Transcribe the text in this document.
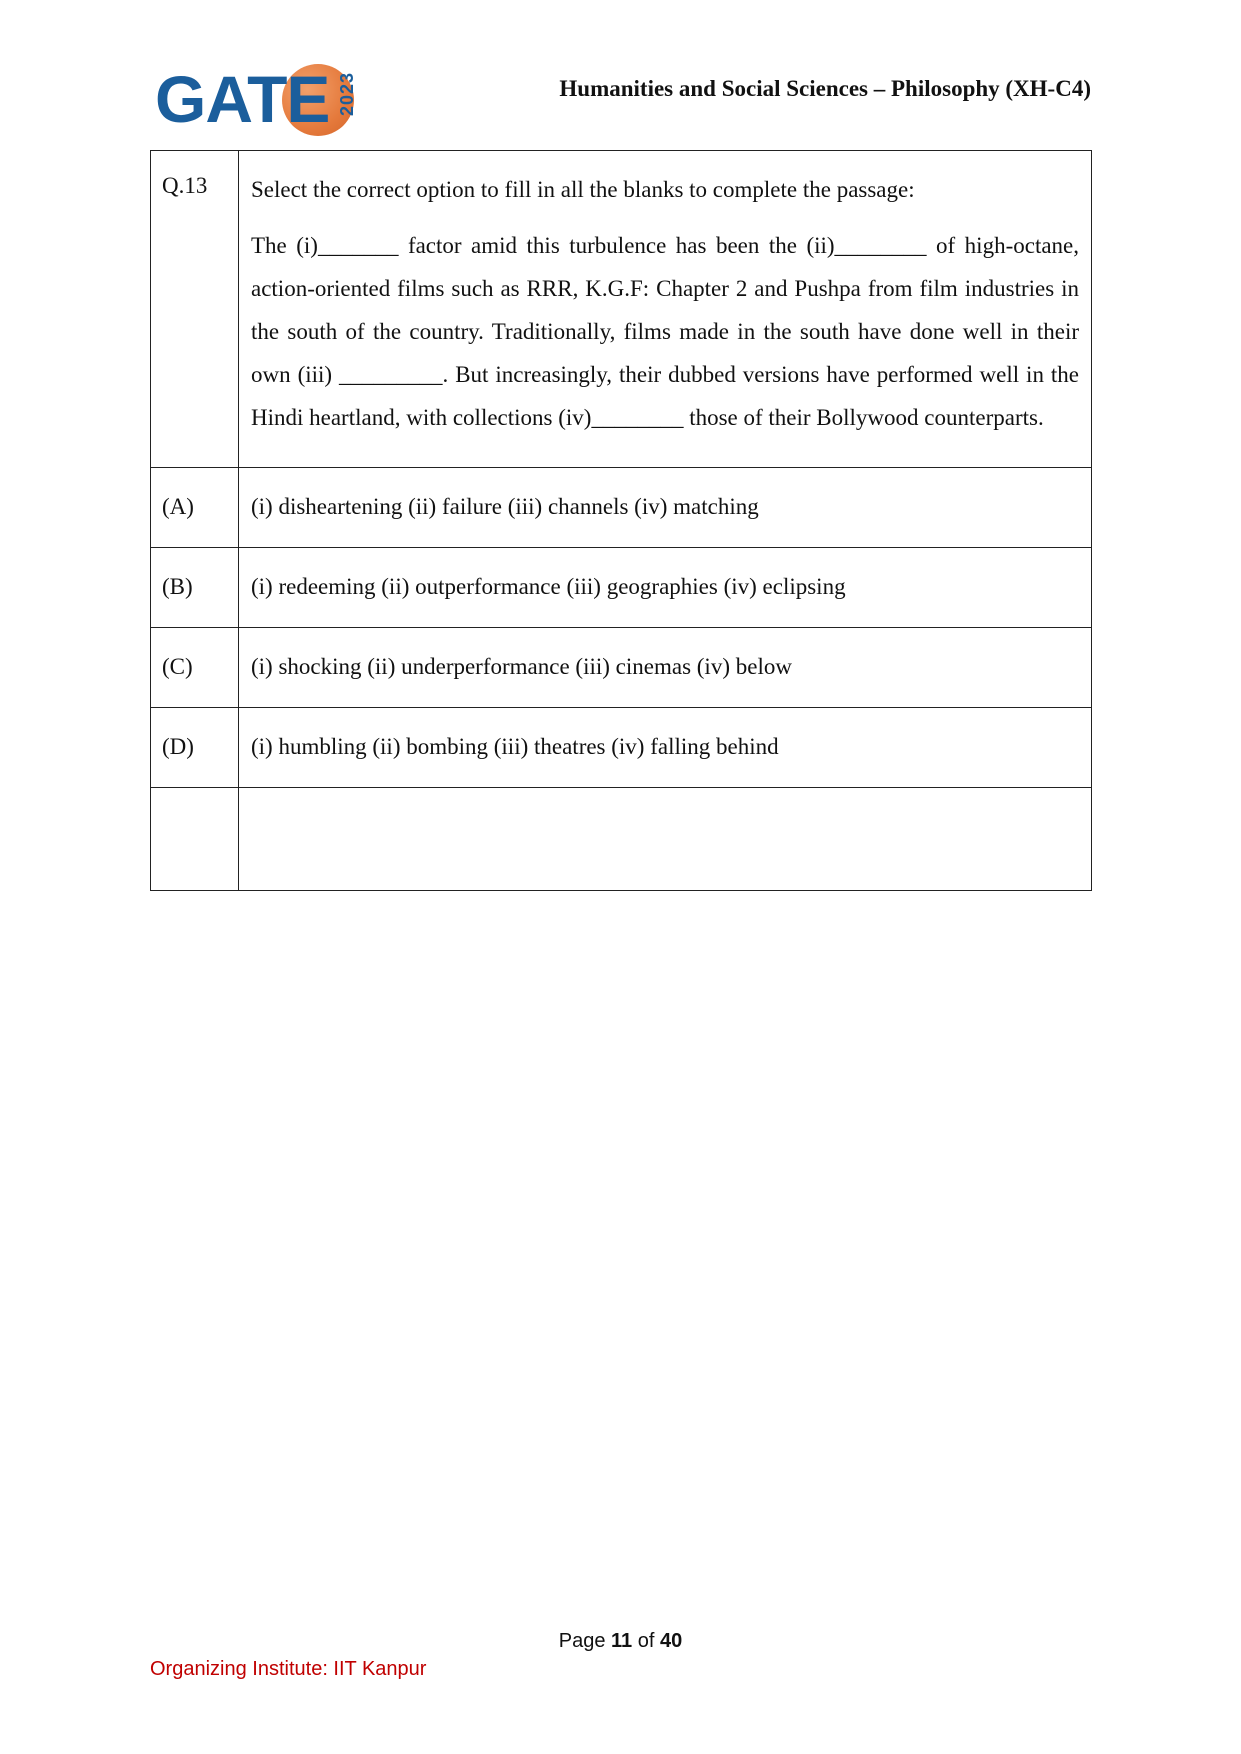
GATE 2023	Humanities and Social Sciences – Philosophy (XH-C4)
Q.13	Select the correct option to fill in all the blanks to complete the passage:

The (i)_______ factor amid this turbulence has been the (ii)________ of high-octane, action-oriented films such as RRR, K.G.F: Chapter 2 and Pushpa from film industries in the south of the country. Traditionally, films made in the south have done well in their own (iii) _________. But increasingly, their dubbed versions have performed well in the Hindi heartland, with collections (iv)________ those of their Bollywood counterparts.

(A)	(i) disheartening (ii) failure (iii) channels (iv) matching
(B)	(i) redeeming (ii) outperformance (iii) geographies (iv) eclipsing
(C)	(i) shocking (ii) underperformance (iii) cinemas (iv) below
(D)	(i) humbling (ii) bombing (iii) theatres (iv) falling behind

Page 11 of 40
Organizing Institute: IIT Kanpur
